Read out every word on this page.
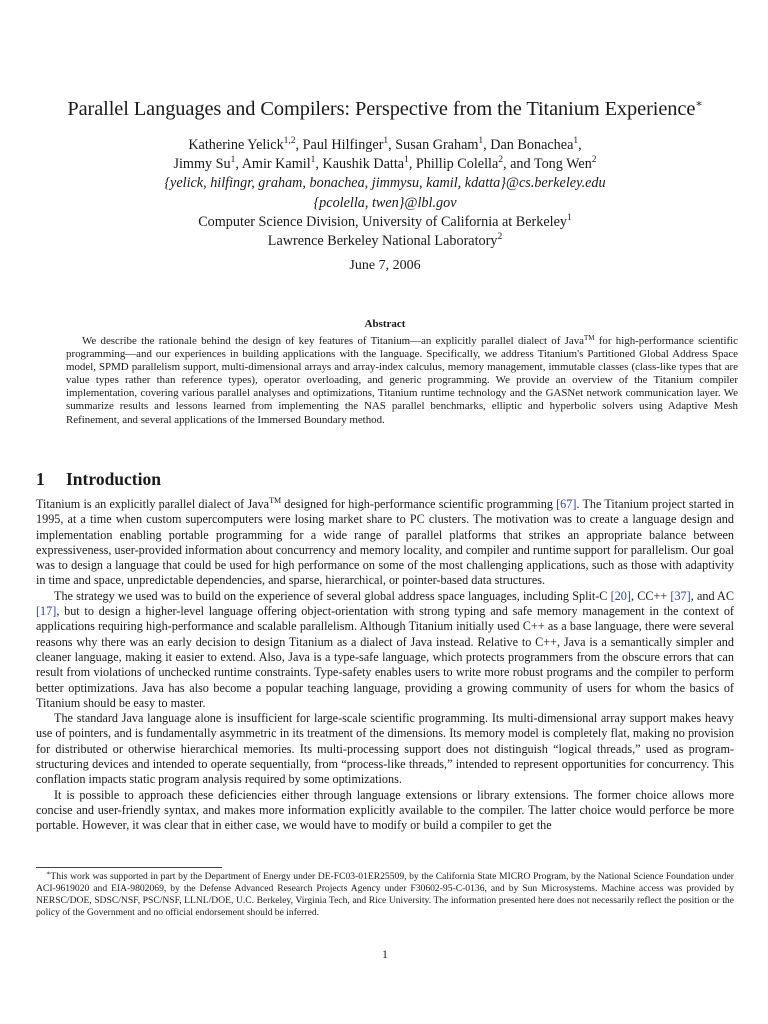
Parallel Languages and Compilers: Perspective from the Titanium Experience∗
Katherine Yelick$^{1,2}$, Paul Hilfinger$^1$, Susan Graham$^1$, Dan Bonachea$^1$,
Jimmy Su$^1$, Amir Kamil$^1$, Kaushik Datta$^1$, Phillip Colella$^2$, and Tong Wen$^2$
{yelick, hilfingr, graham, bonachea, jimmysu, kamil, kdatta}@cs.berkeley.edu
{pcolella, twen}@lbl.gov
Computer Science Division, University of California at Berkeley$^1$
Lawrence Berkeley National Laboratory$^2$
June 7, 2006
Abstract
We describe the rationale behind the design of key features of Titanium—an explicitly parallel dialect of Java™ for high-performance scientific programming—and our experiences in building applications with the language. Specifically, we address Titanium's Partitioned Global Address Space model, SPMD parallelism support, multi-dimensional arrays and array-index calculus, memory management, immutable classes (class-like types that are value types rather than reference types), operator overloading, and generic programming. We provide an overview of the Titanium compiler implementation, covering various parallel analyses and optimizations, Titanium runtime technology and the GASNet network communication layer. We summarize results and lessons learned from implementing the NAS parallel benchmarks, elliptic and hyperbolic solvers using Adaptive Mesh Refinement, and several applications of the Immersed Boundary method.
1 Introduction

Titanium is an explicitly parallel dialect of Java™ designed for high-performance scientific programming [67]. The Titanium project started in 1995, at a time when custom supercomputers were losing market share to PC clusters. The motivation was to create a language design and implementation enabling portable programming for a wide range of parallel platforms that strikes an appropriate balance between expressiveness, user-provided information about concurrency and memory locality, and compiler and runtime support for parallelism. Our goal was to design a language that could be used for high performance on some of the most challenging applications, such as those with adaptivity in time and space, unpredictable dependencies, and sparse, hierarchical, or pointer-based data structures.

The strategy we used was to build on the experience of several global address space languages, including Split-C [20], CC++ [37], and AC [17], but to design a higher-level language offering object-orientation with strong typing and safe memory management in the context of applications requiring high-performance and scalable parallelism. Although Titanium initially used C++ as a base language, there were several reasons why there was an early decision to design Titanium as a dialect of Java instead. Relative to C++, Java is a semantically simpler and cleaner language, making it easier to extend. Also, Java is a type-safe language, which protects programmers from the obscure errors that can result from violations of unchecked runtime constraints. Type-safety enables users to write more robust programs and the compiler to perform better optimizations. Java has also become a popular teaching language, providing a growing community of users for whom the basics of Titanium should be easy to master.

The standard Java language alone is insufficient for large-scale scientific programming. Its multi-dimensional array support makes heavy use of pointers, and is fundamentally asymmetric in its treatment of the dimensions. Its memory model is completely flat, making no provision for distributed or otherwise hierarchical memories. Its multi-processing support does not distinguish “logical threads,” used as program-structuring devices and intended to operate sequentially, from “process-like threads,” intended to represent opportunities for concurrency. This conflation impacts static program analysis required by some optimizations.

It is possible to approach these deficiencies either through language extensions or library extensions. The former choice allows more concise and user-friendly syntax, and makes more information explicitly available to the compiler. The latter choice would perforce be more portable. However, it was clear that in either case, we would have to modify or build a compiler to get the

∗This work was supported in part by the Department of Energy under DE-FC03-01ER25509, by the California State MICRO Program, by the National Science Foundation under ACI-9619020 and EIA-9802069, by the Defense Advanced Research Projects Agency under F30602-95-C-0136, and by Sun Microsystems. Machine access was provided by NERSC/DOE, SDSC/NSF, PSC/NSF, LLNL/DOE, U.C. Berkeley, Virginia Tech, and Rice University. The information presented here does not necessarily reflect the position or the policy of the Government and no official endorsement should be inferred.
1
